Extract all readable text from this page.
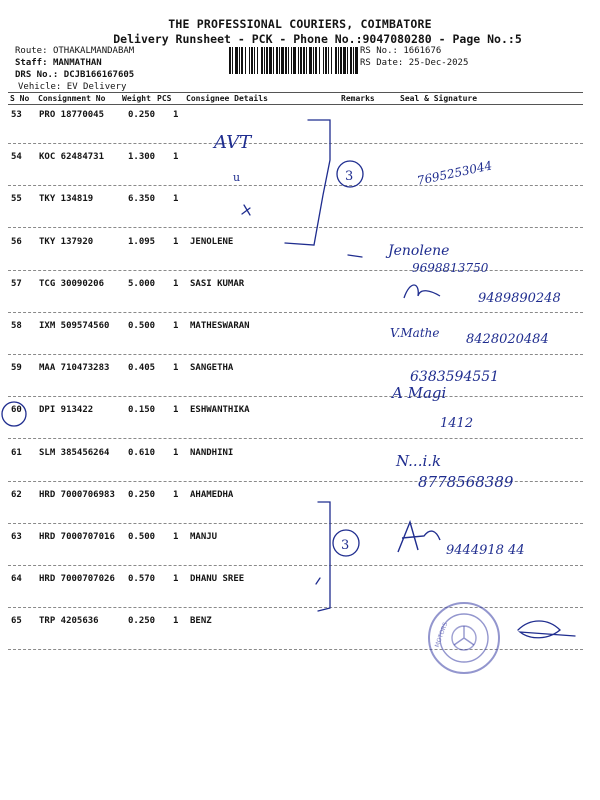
THE PROFESSIONAL COURIERS, COIMBATORE
Delivery Runsheet - PCK - Phone No.:9047080280 - Page No.:5
Route: OTHAKALMANDABAM
Staff: MANMATHAN
DRS No.: DCJB166167605
Vehicle: EV Delivery
RS No.: 1661676
RS Date: 25-Dec-2025
S No Consignment No Weight PCS Consignee Details	Remarks	Seal & Signature
53 PRO 18770045	0.250 1
54 KOC 62484731	1.300 1
55 TKY 134819	6.350 1
56 TKY 137920	1.095 1 JENOLENE
57 TCG 30090206	5.000 1 SASI KUMAR
58 IXM 509574560 0.500 1 MATHESWARAN
59 MAA 710473283 0.405 1 SANGETHA
60 DPI 913422	0.150 1 ESHWANTHIKA
61 SLM 385456264 0.610 1 NANDHINI
62 HRD 7000706983 0.250 1 AHAMEDHA
63 HRD 7000707016 0.500 1 MANJU
64 HRD 7000707026 0.570 1 DHANU SREE
65 TRP 4205636	0.250 1 BENZ
MOTORS
AVT
u	3
3
7695253044
Jenolene
9698813750
9489890248
V.Mathe 8428020484
6383594551
A Magi
1412
N...i.k
8778568389
9444918 44
